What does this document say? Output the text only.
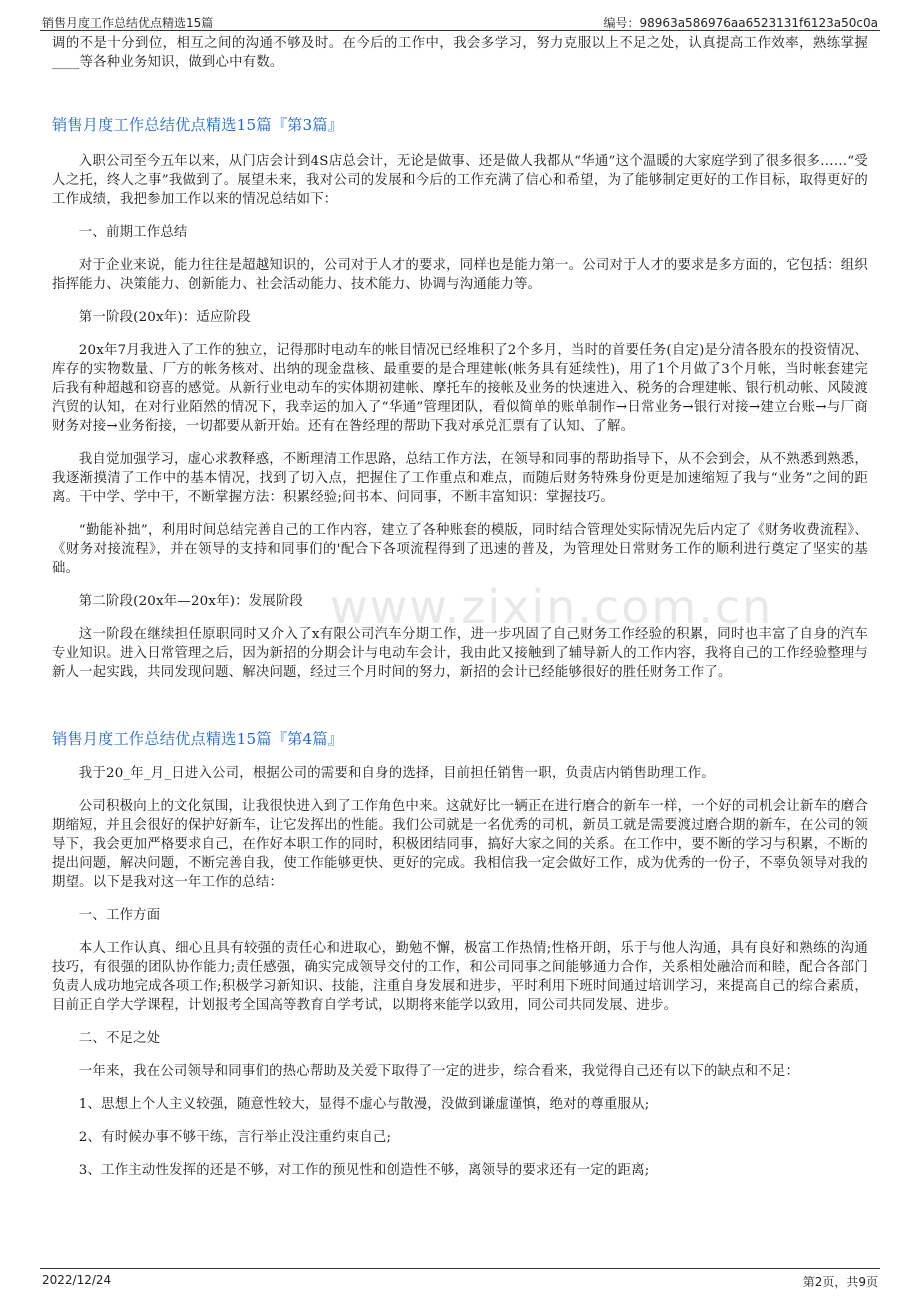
销售月度工作总结优点精选15篇	编号：98963a586976aa6523131f6123a50c0a
www.zixin.com.cn

调的不是十分到位，相互之间的沟通不够及时。在今后的工作中，我会多学习，努力克服以上不足之处，认真提高工作效率，熟练掌握____等各种业务知识，做到心中有数。

销售月度工作总结优点精选15篇『第3篇』

入职公司至今五年以来，从门店会计到4S店总会计，无论是做事、还是做人我都从“华通”这个温暖的大家庭学到了很多很多……“受人之托，终人之事”我做到了。展望未来，我对公司的发展和今后的工作充满了信心和希望，为了能够制定更好的工作目标，取得更好的工作成绩，我把参加工作以来的情况总结如下：

一、前期工作总结

对于企业来说，能力往往是超越知识的，公司对于人才的要求，同样也是能力第一。公司对于人才的要求是多方面的，它包括：组织指挥能力、决策能力、创新能力、社会活动能力、技术能力、协调与沟通能力等。

第一阶段(20x年)：适应阶段

20x年7月我进入了工作的独立，记得那时电动车的帐目情况已经堆积了2个多月，当时的首要任务(自定)是分清各股东的投资情况、库存的实物数量、厂方的帐务核对、出纳的现金盘核、最重要的是合理建帐(帐务具有延续性)，用了1个月做了3个月帐，当时帐套建完后我有种超越和窃喜的感觉。从新行业电动车的实体期初建帐、摩托车的接帐及业务的快速进入、税务的合理建帐、银行机动帐、风陵渡汽贸的认知，在对行业陌然的情况下，我幸运的加入了“华通”管理团队，看似简单的账单制作→日常业务→银行对接→建立台账→与厂商财务对接→业务衔接，一切都要从新开始。还有在昝经理的帮助下我对承兑汇票有了认知、了解。

我自觉加强学习，虚心求教释惑，不断理清工作思路，总结工作方法，在领导和同事的帮助指导下，从不会到会，从不熟悉到熟悉，我逐渐摸清了工作中的基本情况，找到了切入点，把握住了工作重点和难点，而随后财务特殊身份更是加速缩短了我与“业务”之间的距离。干中学、学中干，不断掌握方法：积累经验;问书本、问同事，不断丰富知识：掌握技巧。

“勤能补拙”，利用时间总结完善自己的工作内容，建立了各种账套的模版，同时结合管理处实际情况先后内定了《财务收费流程》、《财务对接流程》，并在领导的支持和同事们的'配合下各项流程得到了迅速的普及，为管理处日常财务工作的顺利进行奠定了坚实的基础。

第二阶段(20x年—20x年)：发展阶段

这一阶段在继续担任原职同时又介入了x有限公司汽车分期工作，进一步巩固了自己财务工作经验的积累，同时也丰富了自身的汽车专业知识。进入日常管理之后，因为新招的分期会计与电动车会计，我由此又接触到了辅导新人的工作内容，我将自己的工作经验整理与新人一起实践，共同发现问题、解决问题，经过三个月时间的努力，新招的会计已经能够很好的胜任财务工作了。

销售月度工作总结优点精选15篇『第4篇』

我于20_年_月_日进入公司，根据公司的需要和自身的选择，目前担任销售一职，负责店内销售助理工作。

公司积极向上的文化氛围，让我很快进入到了工作角色中来。这就好比一辆正在进行磨合的新车一样，一个好的司机会让新车的磨合期缩短，并且会很好的保护好新车，让它发挥出的性能。我们公司就是一名优秀的司机，新员工就是需要渡过磨合期的新车，在公司的领导下，我会更加严格要求自己，在作好本职工作的同时，积极团结同事，搞好大家之间的关系。在工作中，要不断的学习与积累，不断的提出问题，解决问题，不断完善自我，使工作能够更快、更好的完成。我相信我一定会做好工作，成为优秀的一份子，不辜负领导对我的期望。以下是我对这一年工作的总结：

一、工作方面

本人工作认真、细心且具有较强的责任心和进取心，勤勉不懈，极富工作热情;性格开朗，乐于与他人沟通，具有良好和熟练的沟通技巧，有很强的团队协作能力;责任感强，确实完成领导交付的工作，和公司同事之间能够通力合作，关系相处融洽而和睦，配合各部门负责人成功地完成各项工作;积极学习新知识、技能，注重自身发展和进步，平时利用下班时间通过培训学习，来提高自己的综合素质，目前正自学大学课程，计划报考全国高等教育自学考试，以期将来能学以致用，同公司共同发展、进步。

二、不足之处

一年来，我在公司领导和同事们的热心帮助及关爱下取得了一定的进步，综合看来，我觉得自己还有以下的缺点和不足：

1、思想上个人主义较强，随意性较大，显得不虚心与散漫，没做到谦虚谨慎，绝对的尊重服从;

2、有时候办事不够干练，言行举止没注重约束自己;

3、工作主动性发挥的还是不够，对工作的预见性和创造性不够，离领导的要求还有一定的距离;

2022/12/24	第2页，共9页
